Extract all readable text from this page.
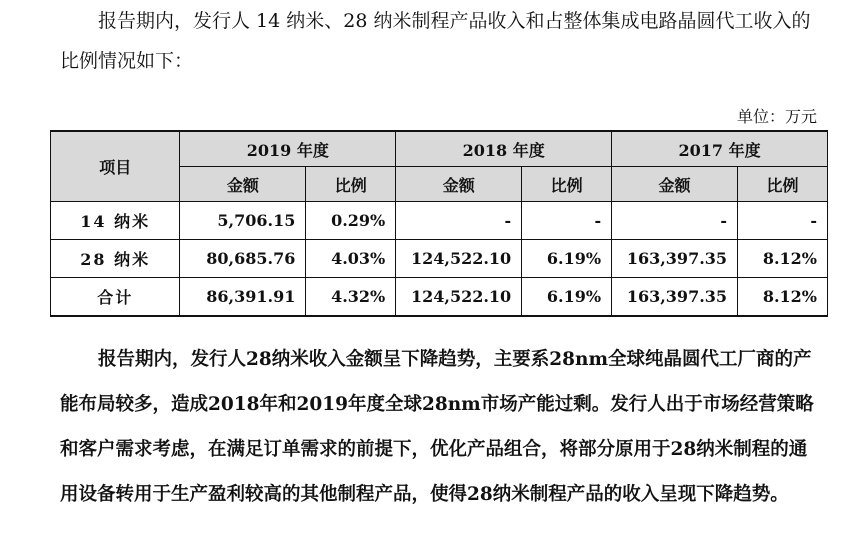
报告期内，发行人 14 纳米、28 纳米制程产品收入和占整体集成电路晶圆代工收入的比例情况如下：

单位：万元
项目	2019 年度		2018 年度		2017 年度	
	金额	比例	金额	比例	金额	比例
14 纳米	5,706.15	0.29%	-	-	-	-
28 纳米	80,685.76	4.03%	124,522.10	6.19%	163,397.35	8.12%
合计	86,391.91	4.32%	124,522.10	6.19%	163,397.35	8.12%

报告期内，发行人28纳米收入金额呈下降趋势，主要系28nm全球纯晶圆代工厂商的产能布局较多，造成2018年和2019年度全球28nm市场产能过剩。发行人出于市场经营策略和客户需求考虑，在满足订单需求的前提下，优化产品组合，将部分原用于28纳米制程的通用设备转用于生产盈利较高的其他制程产品，使得28纳米制程产品的收入呈现下降趋势。
